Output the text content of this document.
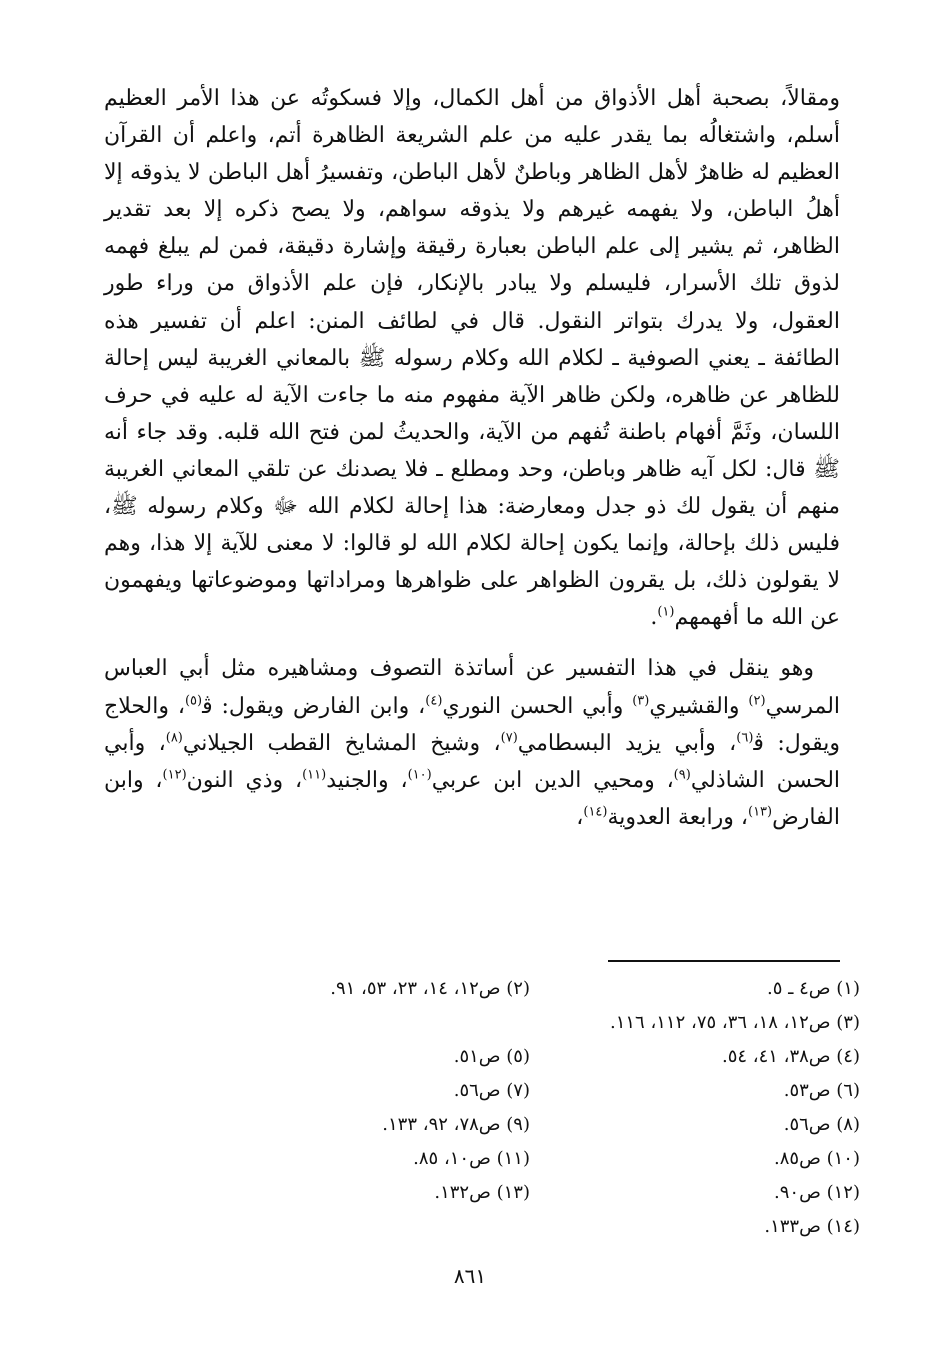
ومقالاً، بصحبة أهل الأذواق من أهل الكمال، وإلا فسكوتُه عن هذا الأمر العظيم أسلم، واشتغالُه بما يقدر عليه من علم الشريعة الظاهرة أتم، واعلم أن القرآن العظيم له ظاهرٌ لأهل الظاهر وباطنٌ لأهل الباطن، وتفسيرُ أهل الباطن لا يذوقه إلا أهلُ الباطن، ولا يفهمه غيرهم ولا يذوقه سواهم، ولا يصح ذكره إلا بعد تقدير الظاهر، ثم يشير إلى علم الباطن بعبارة رقيقة وإشارة دقيقة، فمن لم يبلغ فهمه لذوق تلك الأسرار، فليسلم ولا يبادر بالإنكار، فإن علم الأذواق من وراء طور العقول، ولا يدرك بتواتر النقول. قال في لطائف المنن: اعلم أن تفسير هذه الطائفة ـ يعني الصوفية ـ لكلام الله وكلام رسوله ﷺ بالمعاني الغريبة ليس إحالة للظاهر عن ظاهره، ولكن ظاهر الآية مفهوم منه ما جاءت الآية له عليه في حرف اللسان، وثَمَّ أفهام باطنة تُفهم من الآية، والحديثُ لمن فتح الله قلبه. وقد جاء أنه ﷺ قال: لكل آيه ظاهر وباطن، وحد ومطلع ـ فلا يصدنك عن تلقي المعاني الغريبة منهم أن يقول لك ذو جدل ومعارضة: هذا إحالة لكلام الله ﷻ وكلام رسوله ﷺ، فليس ذلك بإحالة، وإنما يكون إحالة لكلام الله لو قالوا: لا معنى للآية إلا هذا، وهم لا يقولون ذلك، بل يقرون الظواهر على ظواهرها ومراداتها وموضوعاتها ويفهمون عن الله ما أفهمهم$^{(١)}$.

وهو ينقل في هذا التفسير عن أساتذة التصوف ومشاهيره مثل أبي العباس المرسي$^{(٢)}$ والقشيري$^{(٣)}$ وأبي الحسن النوري$^{(٤)}$، وابن الفارض ويقول: ﭬ$^{(٥)}$، والحلاج ويقول: ﭬ$^{(٦)}$، وأبي يزيد البسطامي$^{(٧)}$، وشيخ المشايخ القطب الجيلاني$^{(٨)}$، وأبي الحسن الشاذلي$^{(٩)}$، ومحيي الدين ابن عربي$^{(١٠)}$، والجنيد$^{(١١)}$، وذي النون$^{(١٢)}$، وابن الفارض$^{(١٣)}$، ورابعة العدوية$^{(١٤)}$،

(١) ص٤ ـ ٥.
(٢) ص١٢، ١٤، ٢٣، ٥٣، ٩١.
(٣) ص١٢، ١٨، ٣٦، ٧٥، ١١٢، ١١٦.
(٤) ص٣٨، ٤١، ٥٤.
(٥) ص٥١.
(٦) ص٥٣.
(٧) ص٥٦.
(٨) ص٥٦.
(٩) ص٧٨، ٩٢، ١٣٣.
(١٠) ص٨٥.
(١١) ص١٠، ٨٥.
(١٢) ص٩٠.
(١٣) ص١٣٢.
(١٤) ص١٣٣.
٨٦١
